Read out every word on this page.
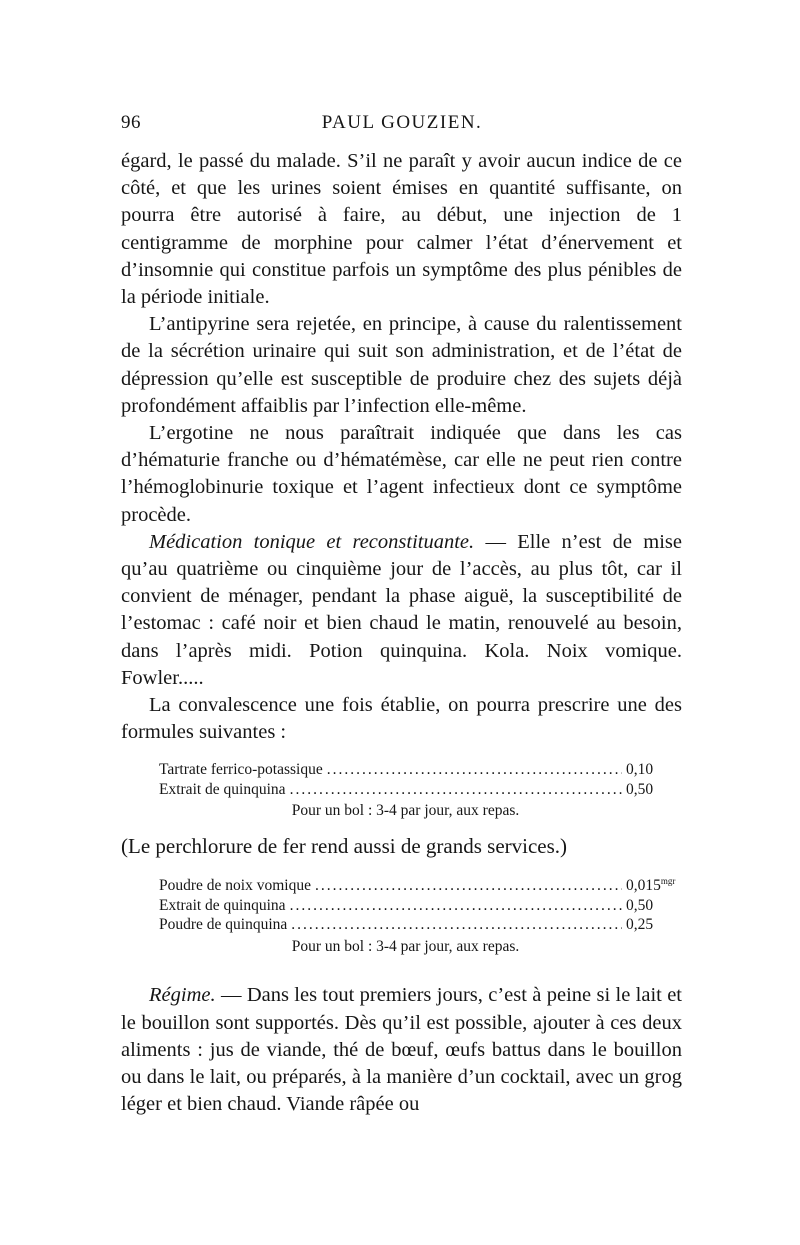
96	PAUL GOUZIEN.

égard, le passé du malade. S’il ne paraît y avoir aucun indice de ce côté, et que les urines soient émises en quantité suffisante, on pourra être autorisé à faire, au début, une injection de 1 centigramme de morphine pour calmer l’état d’énervement et d’insomnie qui constitue parfois un symptôme des plus pénibles de la période initiale.

L’antipyrine sera rejetée, en principe, à cause du ralentissement de la sécrétion urinaire qui suit son administration, et de l’état de dépression qu’elle est susceptible de produire chez des sujets déjà profondément affaiblis par l’infection elle-même.

L’ergotine ne nous paraîtrait indiquée que dans les cas d’hématurie franche ou d’hématémèse, car elle ne peut rien contre l’hémoglobinurie toxique et l’agent infectieux dont ce symptôme procède.

Médication tonique et reconstituante. — Elle n’est de mise qu’au quatrième ou cinquième jour de l’accès, au plus tôt, car il convient de ménager, pendant la phase aiguë, la susceptibilité de l’estomac : café noir et bien chaud le matin, renouvelé au besoin, dans l’après midi. Potion quinquina. Kola. Noix vomique. Fowler.....

La convalescence une fois établie, on pourra prescrire une des formules suivantes :

Tartrate ferrico-potassique .....	0,10
Extrait de quinquina .....	0,50
Pour un bol : 3-4 par jour, aux repas.

(Le perchlorure de fer rend aussi de grands services.)

Poudre de noix vomique .....	$0,015^{mgr}$
Extrait de quinquina .....	0,50
Poudre de quinquina .....	0,25
Pour un bol : 3-4 par jour, aux repas.

Régime. — Dans les tout premiers jours, c’est à peine si le lait et le bouillon sont supportés. Dès qu’il est possible, ajouter à ces deux aliments : jus de viande, thé de bœuf, œufs battus dans le bouillon ou dans le lait, ou préparés, à la manière d’un cocktail, avec un grog léger et bien chaud. Viande râpée ou
